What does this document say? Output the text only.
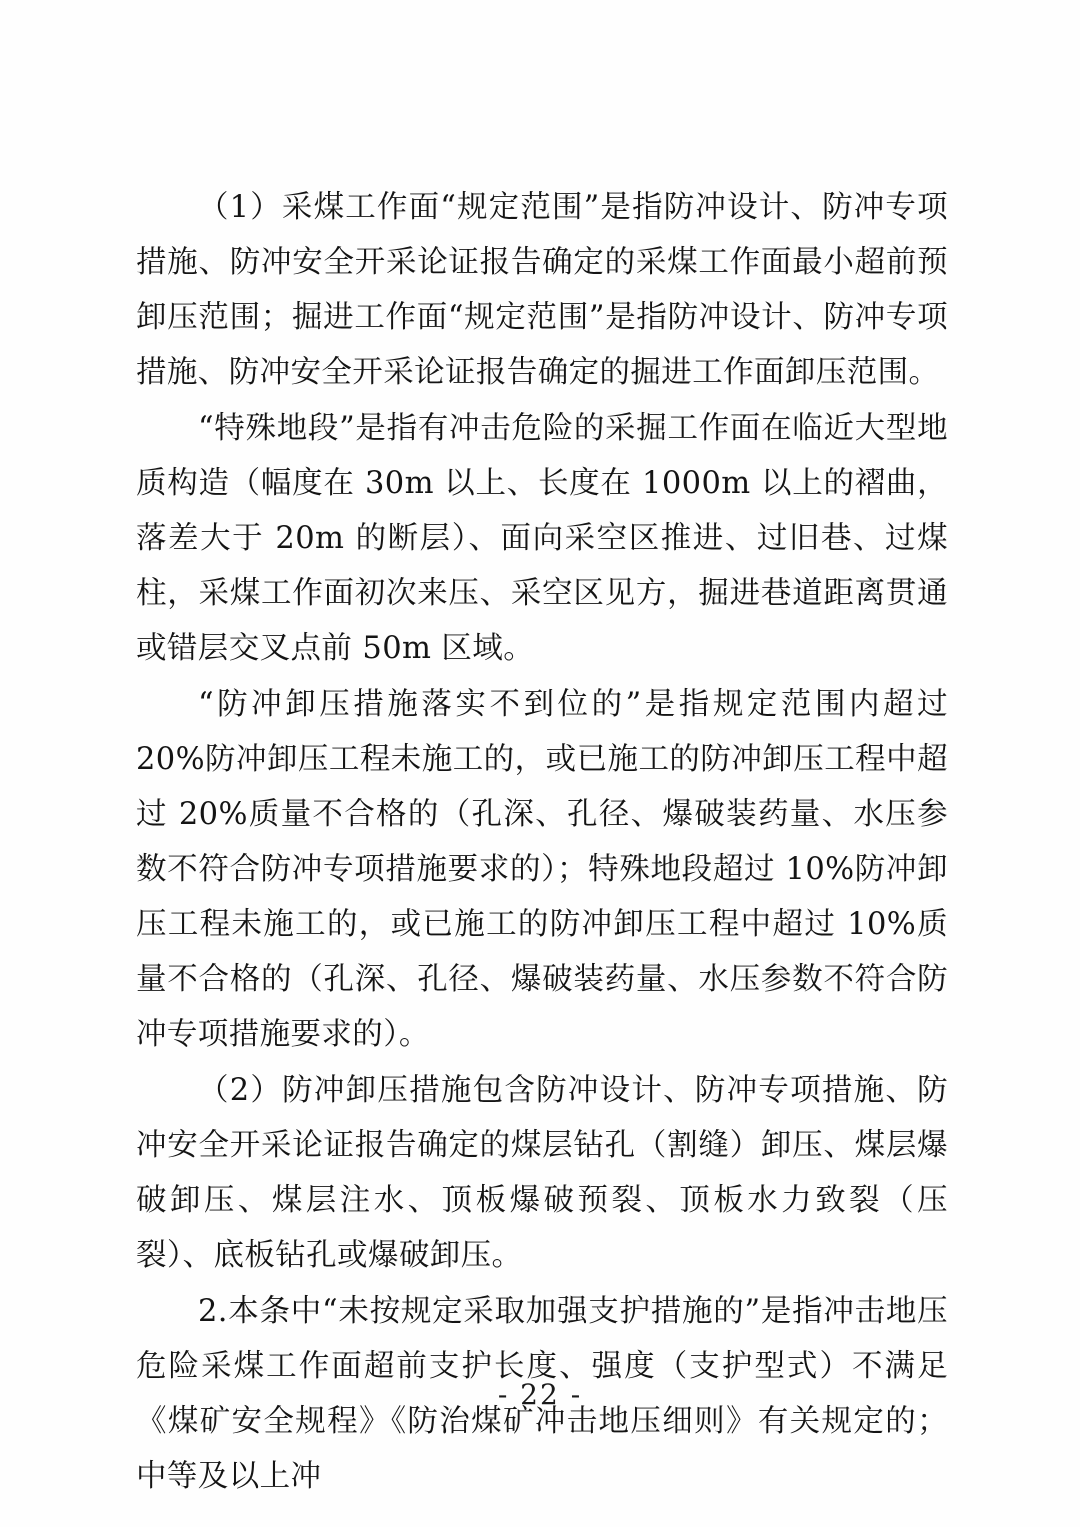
（1）采煤工作面“规定范围”是指防冲设计、防冲专项措施、防冲安全开采论证报告确定的采煤工作面最小超前预卸压范围；掘进工作面“规定范围”是指防冲设计、防冲专项措施、防冲安全开采论证报告确定的掘进工作面卸压范围。

“特殊地段”是指有冲击危险的采掘工作面在临近大型地质构造（幅度在 30m 以上、长度在 1000m 以上的褶曲，落差大于 20m 的断层）、面向采空区推进、过旧巷、过煤柱，采煤工作面初次来压、采空区见方，掘进巷道距离贯通或错层交叉点前 50m 区域。

“防冲卸压措施落实不到位的”是指规定范围内超过 20%防冲卸压工程未施工的，或已施工的防冲卸压工程中超过 20%质量不合格的（孔深、孔径、爆破装药量、水压参数不符合防冲专项措施要求的）；特殊地段超过 10%防冲卸压工程未施工的，或已施工的防冲卸压工程中超过 10%质量不合格的（孔深、孔径、爆破装药量、水压参数不符合防冲专项措施要求的）。

（2）防冲卸压措施包含防冲设计、防冲专项措施、防冲安全开采论证报告确定的煤层钻孔（割缝）卸压、煤层爆破卸压、煤层注水、顶板爆破预裂、顶板水力致裂（压裂）、底板钻孔或爆破卸压。

2.本条中“未按规定采取加强支护措施的”是指冲击地压危险采煤工作面超前支护长度、强度（支护型式）不满足《煤矿安全规程》《防治煤矿冲击地压细则》有关规定的；中等及以上冲

- 22 -
